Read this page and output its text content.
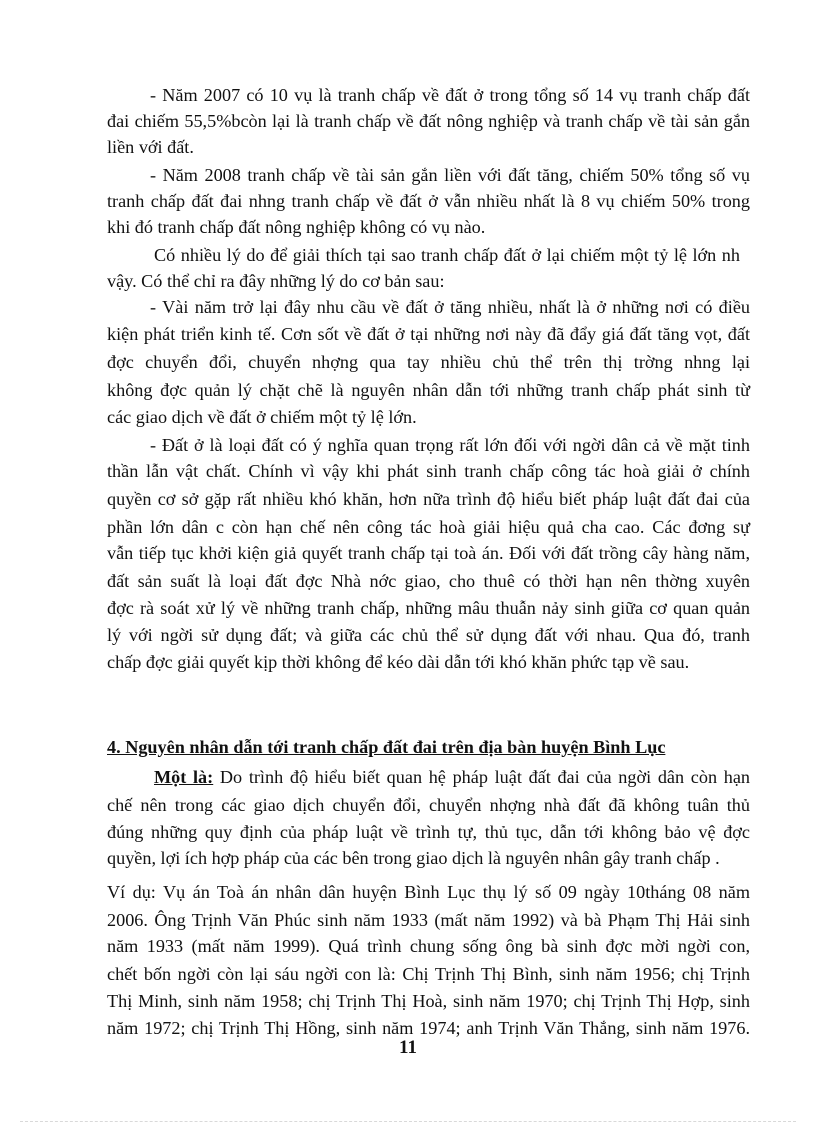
- Năm 2007 có 10 vụ là tranh chấp về đất ở trong tổng số 14 vụ tranh chấp đất
đai chiếm 55,5%bcòn lại là tranh chấp về đất nông nghiệp và tranh chấp về tài sản gắn
liền với đất.
- Năm 2008 tranh chấp về tài sản gắn liền với đất tăng, chiếm 50% tổng số vụ
tranh chấp đất đai nhng tranh chấp về đất ở vẫn nhiều nhất là 8 vụ chiếm 50% trong
khi đó tranh chấp đất nông nghiệp không có vụ nào.
Có nhiều lý do để giải thích tại sao tranh chấp đất ở lại chiếm một tỷ lệ lớn nh
vậy. Có thể chỉ ra đây những lý do cơ bản sau:
- Vài năm trở lại đây nhu cầu về đất ở tăng nhiều, nhất là ở những nơi có điều
kiện phát triển kinh tế. Cơn sốt về đất ở tại những nơi này đã đẩy giá đất tăng vọt, đất
đợc chuyển đổi, chuyển nhợng qua tay nhiều chủ thể trên thị trờng nhng lại
không đợc quản lý chặt chẽ là nguyên nhân dẫn tới những tranh chấp phát sinh từ
các giao dịch về đất ở chiếm một tỷ lệ lớn.
- Đất ở là loại đất có ý nghĩa quan trọng rất lớn đối với ngời dân cả về mặt tinh
thần lẫn vật chất. Chính vì vậy khi phát sinh tranh chấp công tác hoà giải ở chính
quyền cơ sở gặp rất nhiều khó khăn, hơn nữa trình độ hiểu biết pháp luật đất đai của
phần lớn dân c còn hạn chế nên công tác hoà giải hiệu quả cha cao. Các đơng sự
vẫn tiếp tục khởi kiện giả quyết tranh chấp tại toà án. Đối với đất trồng cây hàng năm,
đất sản suất là loại đất đợc Nhà nớc giao, cho thuê có thời hạn nên thờng xuyên
đợc rà soát xử lý về những tranh chấp, những mâu thuẫn nảy sinh giữa cơ quan quản
lý với ngời sử dụng đất; và giữa các chủ thể sử dụng đất với nhau. Qua đó, tranh
chấp đợc giải quyết kịp thời không để kéo dài dẫn tới khó khăn phức tạp về sau.
4. Nguyên nhân dẫn tới tranh chấp đất đai trên địa bàn huyện Bình Lục
Một là: Do trình độ hiểu biết quan hệ pháp luật đất đai của ngời dân còn hạn
chế nên trong các giao dịch chuyển đổi, chuyển nhợng nhà đất đã không tuân thủ
đúng những quy định của pháp luật về trình tự, thủ tục, dẫn tới không bảo vệ đợc
quyền, lợi ích hợp pháp của các bên trong giao dịch là nguyên nhân gây tranh chấp .
Ví dụ: Vụ án Toà án nhân dân huyện Bình Lục thụ lý số 09 ngày 10tháng 08 năm
2006. Ông Trịnh Văn Phúc sinh năm 1933 (mất năm 1992) và bà Phạm Thị Hải sinh
năm 1933 (mất năm 1999). Quá trình chung sống ông bà sinh đợc mời ngời con,
chết bốn ngời còn lại sáu ngời con là: Chị Trịnh Thị Bình, sinh năm 1956; chị Trịnh
Thị Minh, sinh năm 1958; chị Trịnh Thị Hoà, sinh năm 1970; chị Trịnh Thị Hợp, sinh
năm 1972; chị Trịnh Thị Hồng, sinh năm 1974; anh Trịnh Văn Thắng, sinh năm 1976.
11
